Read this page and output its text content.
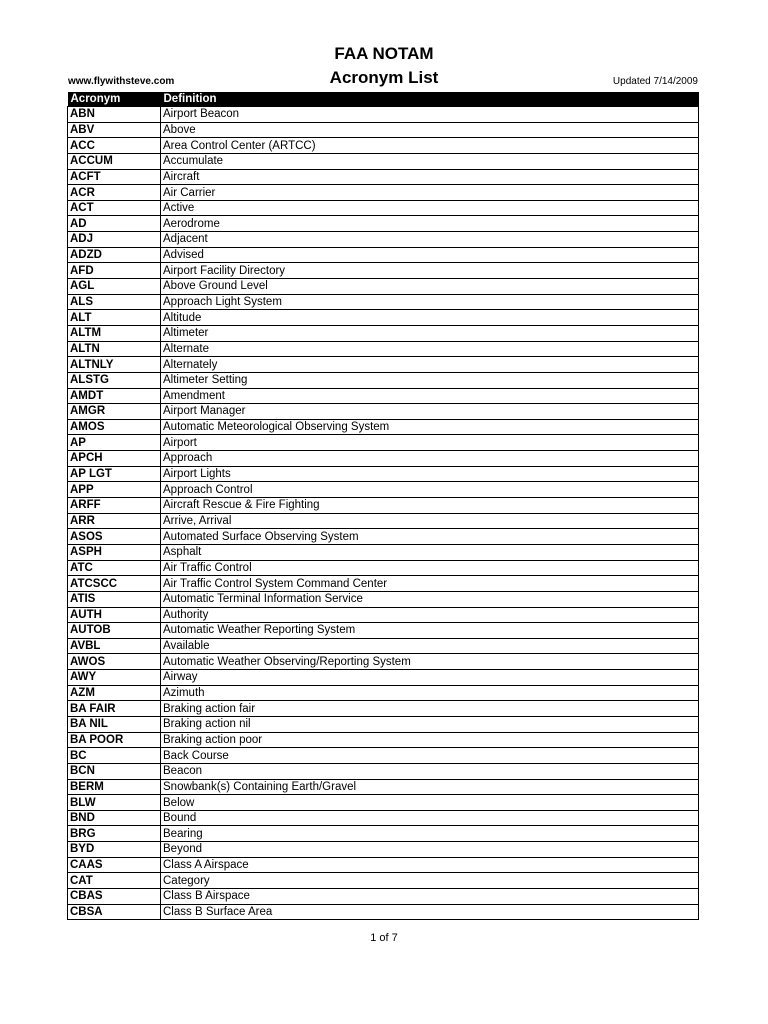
FAA NOTAM
Acronym List
www.flywithsteve.com	Updated 7/14/2009
Acronym	Definition
ABN	Airport Beacon
ABV	Above
ACC	Area Control Center (ARTCC)
ACCUM	Accumulate
ACFT	Aircraft
ACR	Air Carrier
ACT	Active
AD	Aerodrome
ADJ	Adjacent
ADZD	Advised
AFD	Airport Facility Directory
AGL	Above Ground Level
ALS	Approach Light System
ALT	Altitude
ALTM	Altimeter
ALTN	Alternate
ALTNLY	Alternately
ALSTG	Altimeter Setting
AMDT	Amendment
AMGR	Airport Manager
AMOS	Automatic Meteorological Observing System
AP	Airport
APCH	Approach
AP LGT	Airport Lights
APP	Approach Control
ARFF	Aircraft Rescue & Fire Fighting
ARR	Arrive, Arrival
ASOS	Automated Surface Observing System
ASPH	Asphalt
ATC	Air Traffic Control
ATCSCC	Air Traffic Control System Command Center
ATIS	Automatic Terminal Information Service
AUTH	Authority
AUTOB	Automatic Weather Reporting System
AVBL	Available
AWOS	Automatic Weather Observing/Reporting System
AWY	Airway
AZM	Azimuth
BA FAIR	Braking action fair
BA NIL	Braking action nil
BA POOR	Braking action poor
BC	Back Course
BCN	Beacon
BERM	Snowbank(s) Containing Earth/Gravel
BLW	Below
BND	Bound
BRG	Bearing
BYD	Beyond
CAAS	Class A Airspace
CAT	Category
CBAS	Class B Airspace
CBSA	Class B Surface Area
1 of 7
